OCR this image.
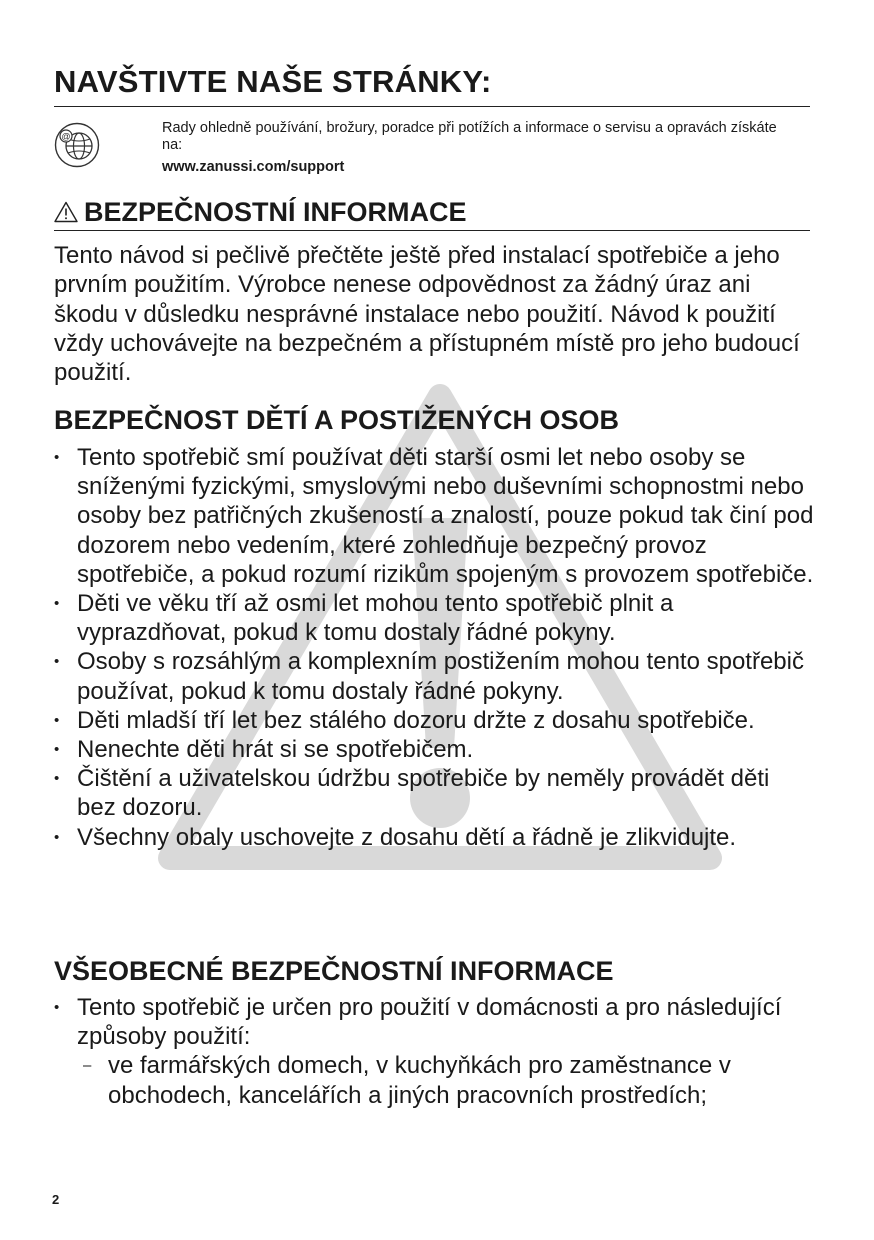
NAVŠTIVTE NAŠE STRÁNKY:
@
Rady ohledně používání, brožury, poradce při potížích a informace o servisu a opravách získáte na:
www.zanussi.com/support
BEZPEČNOSTNÍ INFORMACE

Tento návod si pečlivě přečtěte ještě před instalací spotřebiče a jeho prvním použitím. Výrobce nenese odpovědnost za žádný úraz ani škodu v důsledku nesprávné instalace nebo použití. Návod k použití vždy uchovávejte na bezpečném a přístupném místě pro jeho budoucí použití.

BEZPEČNOST DĚTÍ A POSTIŽENÝCH OSOB
• Tento spotřebič smí používat děti starší osmi let nebo osoby se sníženými fyzickými, smyslovými nebo duševními schopnostmi nebo osoby bez patřičných zkušeností a znalostí, pouze pokud tak činí pod dozorem nebo vedením, které zohledňuje bezpečný provoz spotřebiče, a pokud rozumí rizikům spojeným s provozem spotřebiče.
• Děti ve věku tří až osmi let mohou tento spotřebič plnit a vyprazdňovat, pokud k tomu dostaly řádné pokyny.
• Osoby s rozsáhlým a komplexním postižením mohou tento spotřebič používat, pokud k tomu dostaly řádné pokyny.
• Děti mladší tří let bez stálého dozoru držte z dosahu spotřebiče.
• Nenechte děti hrát si se spotřebičem.
• Čištění a uživatelskou údržbu spotřebiče by neměly provádět děti bez dozoru.
• Všechny obaly uschovejte z dosahu dětí a řádně je zlikvidujte.
VŠEOBECNÉ BEZPEČNOSTNÍ INFORMACE
• Tento spotřebič je určen pro použití v domácnosti a pro následující způsoby použití:
– ve farmářských domech, v kuchyňkách pro zaměstnance v obchodech, kancelářích a jiných pracovních prostředích;
2
